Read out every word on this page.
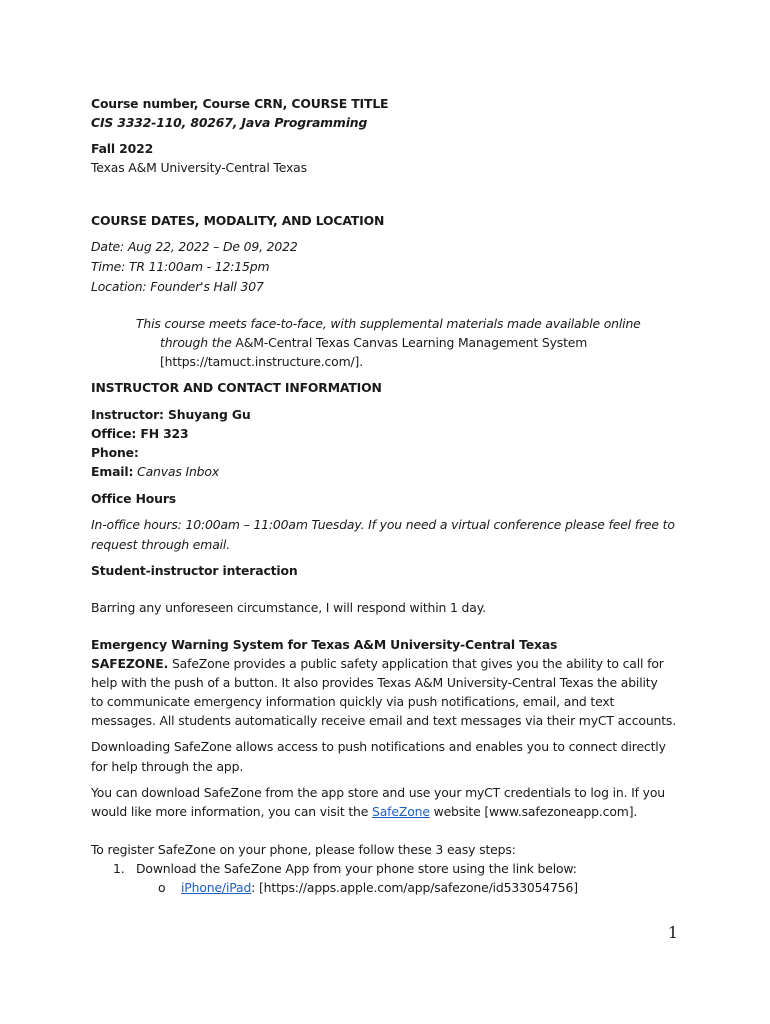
Course number, Course CRN, COURSE TITLE
CIS 3332-110, 80267, Java Programming
Fall 2022
Texas A&M University-Central Texas
COURSE DATES, MODALITY, AND LOCATION
Date: Aug 22, 2022 – De 09, 2022
Time: TR 11:00am - 12:15pm
Location: Founder's Hall 307
This course meets face-to-face, with supplemental materials made available online
through the A&M-Central Texas Canvas Learning Management System
[https://tamuct.instructure.com/].
INSTRUCTOR AND CONTACT INFORMATION
Instructor: Shuyang Gu
Office: FH 323
Phone:
Email: Canvas Inbox
Office Hours
In-office hours: 10:00am – 11:00am Tuesday. If you need a virtual conference please feel free to
request through email.
Student-instructor interaction
Barring any unforeseen circumstance, I will respond within 1 day.
Emergency Warning System for Texas A&M University-Central Texas
SAFEZONE. SafeZone provides a public safety application that gives you the ability to call for
help with the push of a button. It also provides Texas A&M University-Central Texas the ability
to communicate emergency information quickly via push notifications, email, and text
messages. All students automatically receive email and text messages via their myCT accounts.
Downloading SafeZone allows access to push notifications and enables you to connect directly
for help through the app.
You can download SafeZone from the app store and use your myCT credentials to log in. If you
would like more information, you can visit the SafeZone website [www.safezoneapp.com].
To register SafeZone on your phone, please follow these 3 easy steps:
1. Download the SafeZone App from your phone store using the link below:
o iPhone/iPad: [https://apps.apple.com/app/safezone/id533054756]
1
